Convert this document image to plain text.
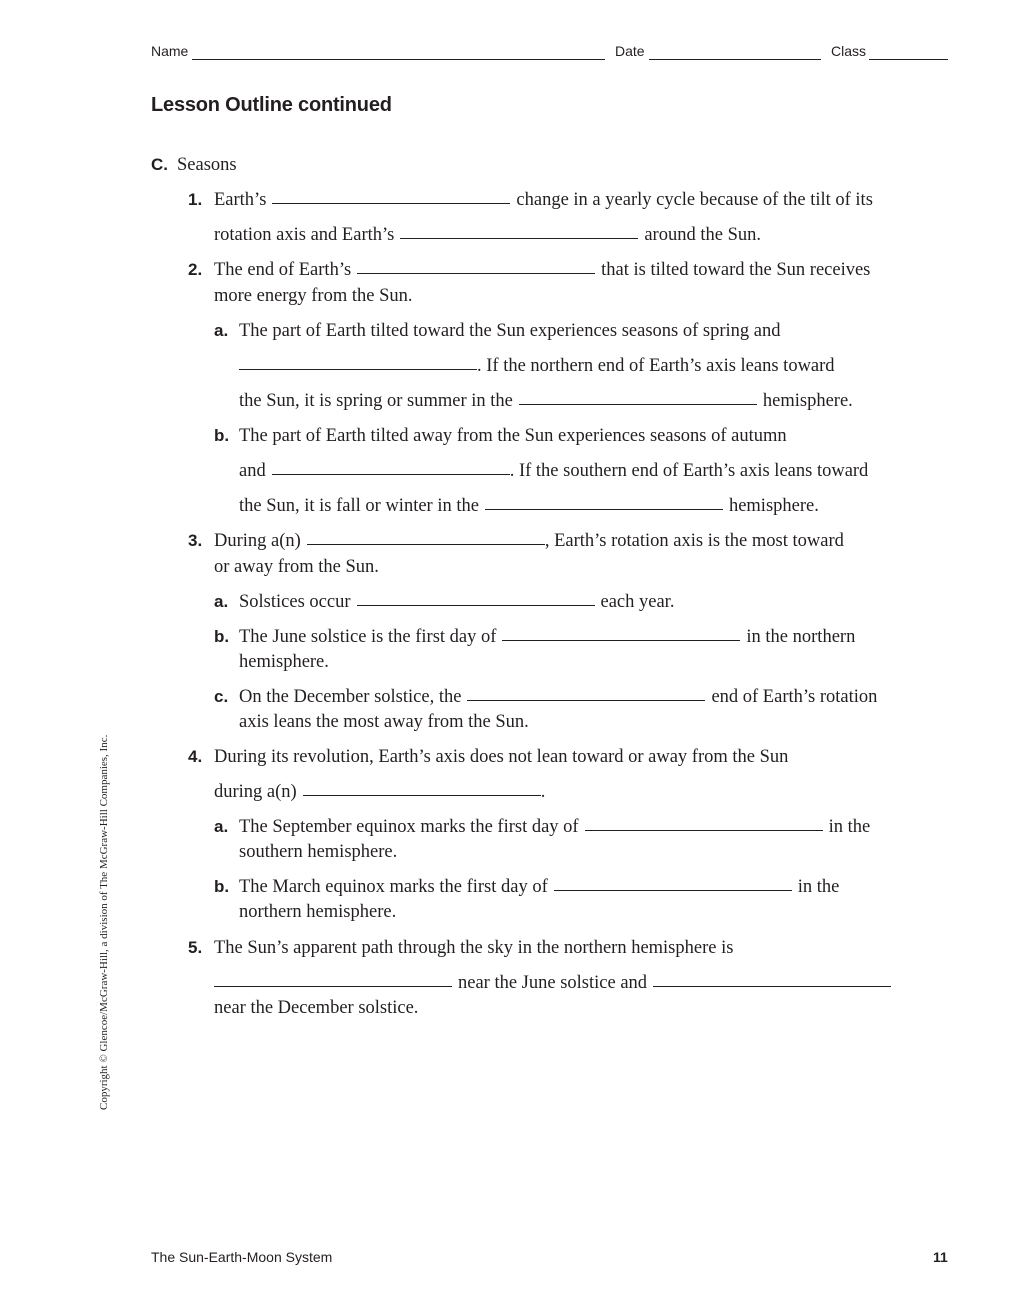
Name	Date	Class
Lesson Outline continued
C. Seasons
1. Earth’s	change in a yearly cycle because of the tilt of its
rotation axis and Earth’s	around the Sun.
2. The end of Earth’s	that is tilted toward the Sun receives
more energy from the Sun.
a. The part of Earth tilted toward the Sun experiences seasons of spring and
. If the northern end of Earth’s axis leans toward
the Sun, it is spring or summer in the	hemisphere.
b. The part of Earth tilted away from the Sun experiences seasons of autumn
and	. If the southern end of Earth’s axis leans toward
the Sun, it is fall or winter in the	hemisphere.
3. During a(n)	, Earth’s rotation axis is the most toward
or away from the Sun.
a. Solstices occur	each year.
b. The June solstice is the first day of	in the northern
hemisphere.
c. On the December solstice, the	end of Earth’s rotation
axis leans the most away from the Sun.
4. During its revolution, Earth’s axis does not lean toward or away from the Sun
during a(n)	.
a. The September equinox marks the first day of	in the
southern hemisphere.
b. The March equinox marks the first day of	in the
northern hemisphere.
5. The Sun’s apparent path through the sky in the northern hemisphere is
near the June solstice and
near the December solstice.
Copyright © Glencoe/McGraw-Hill, a division of The McGraw-Hill Companies, Inc.
The Sun-Earth-Moon System	11
